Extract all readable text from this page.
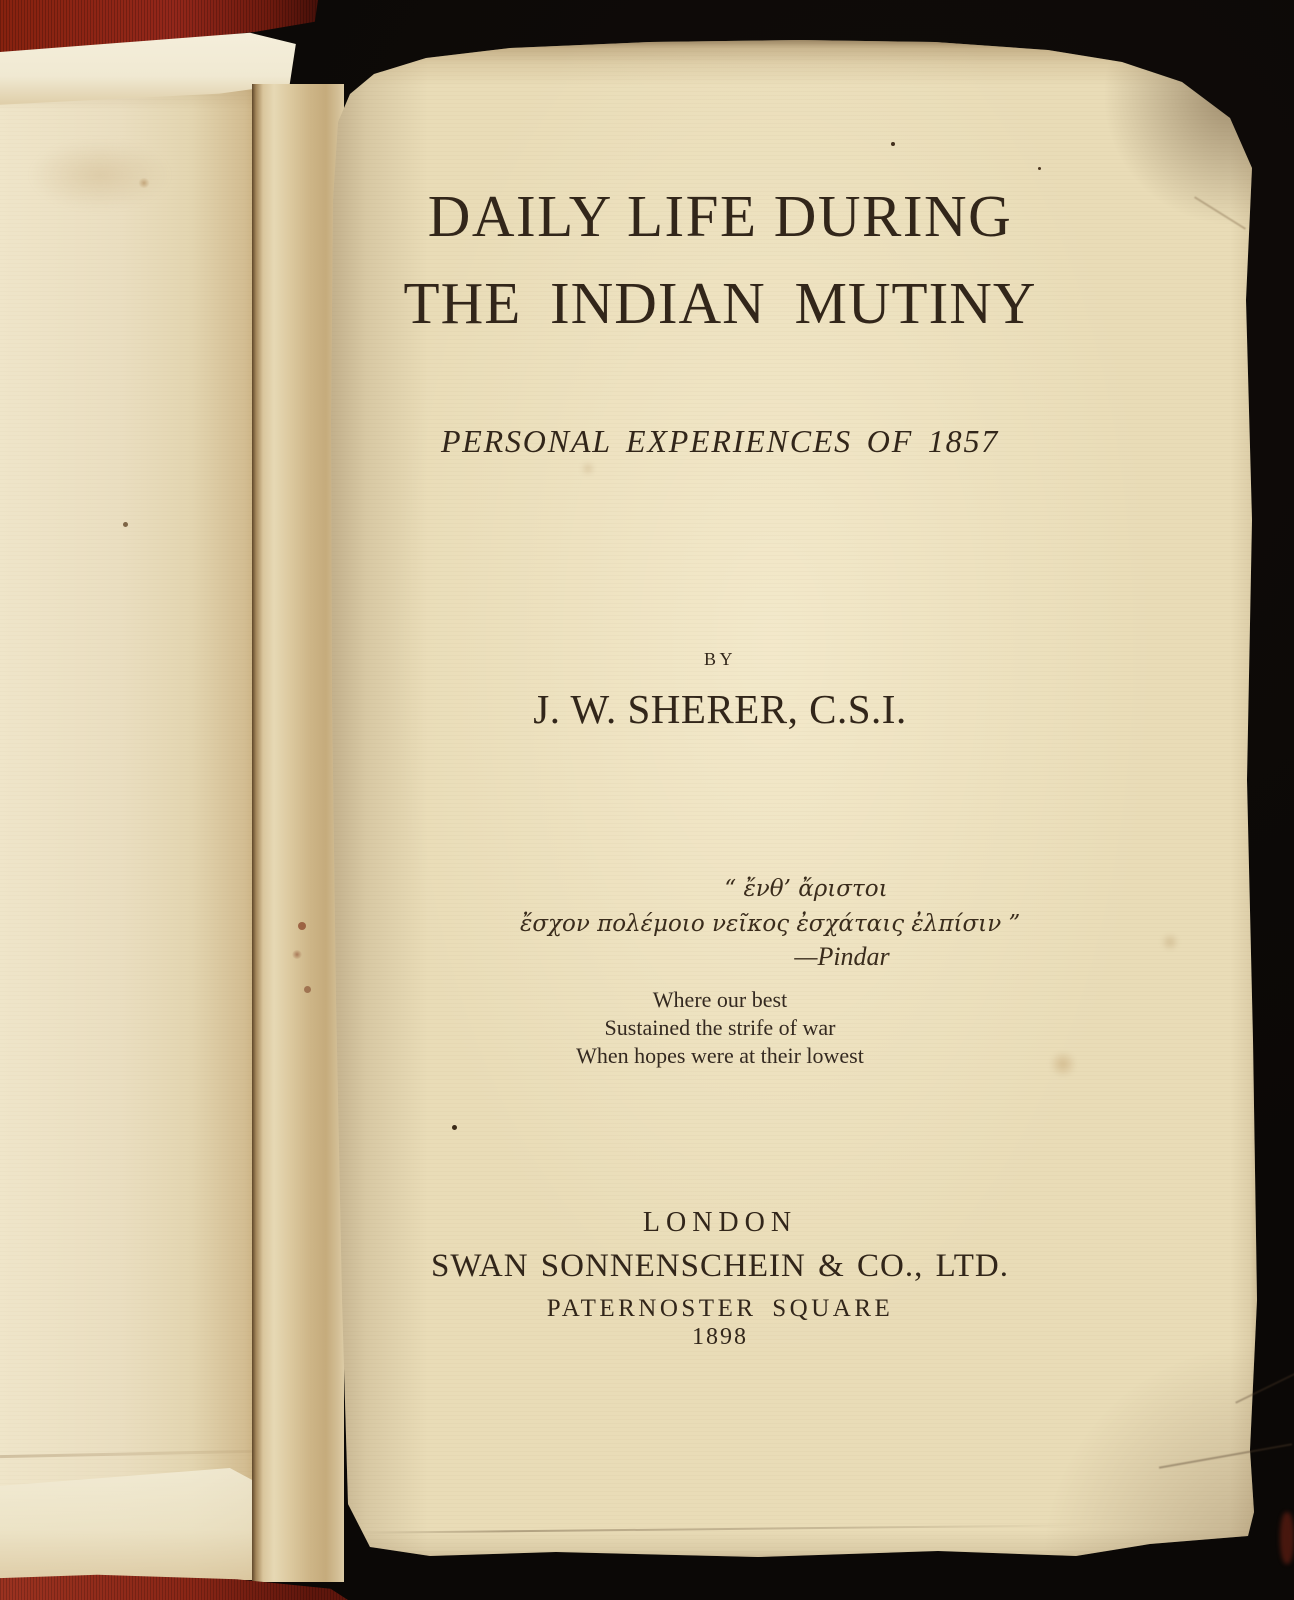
DAILY LIFE DURING
THE INDIAN MUTINY
PERSONAL EXPERIENCES OF 1857
BY
J. W. SHERER, C.S.I.
“ ἔνθ’ ἄριστοι
ἔσχον πολέμοιο νεῖκος ἐσχάταις ἐλπίσιν ”
—Pindar
Where our best
Sustained the strife of war
When hopes were at their lowest
LONDON
SWAN SONNENSCHEIN & CO., LTD.
PATERNOSTER SQUARE
1898
